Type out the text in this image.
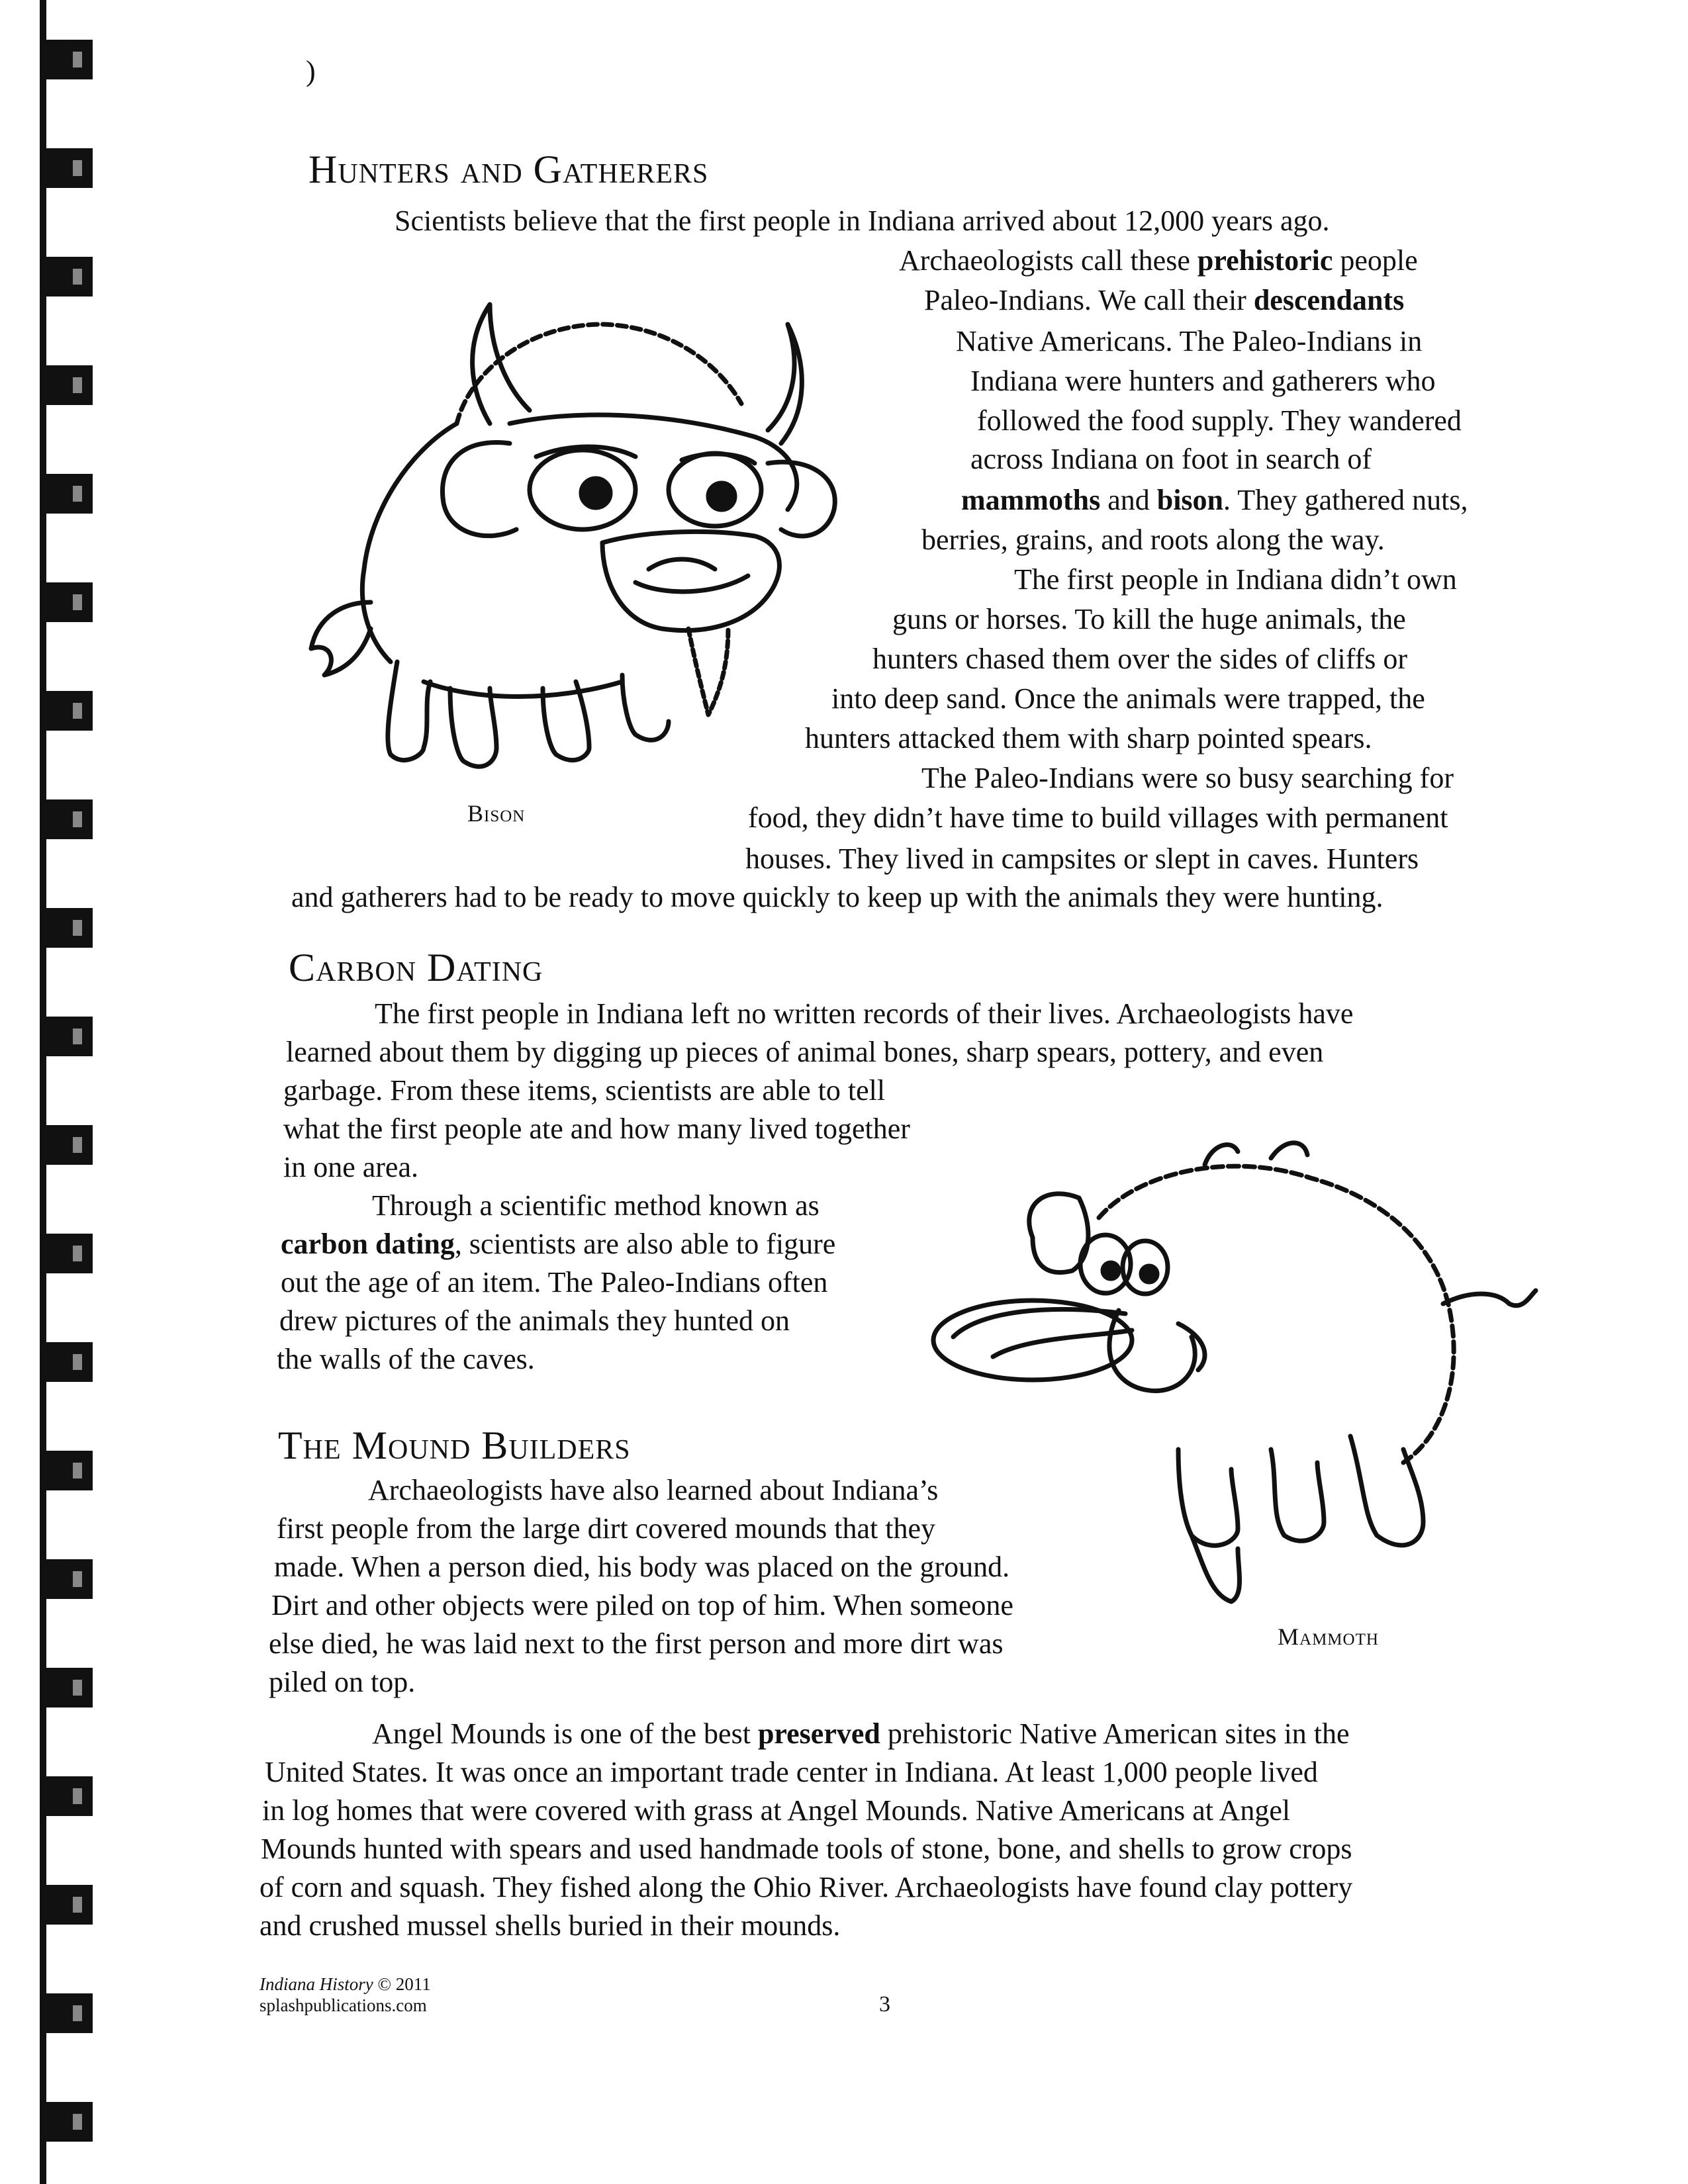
)
Hunters and Gatherers
Carbon Dating
The Mound Builders
Scientists believe that the first people in Indiana arrived about 12,000 years ago.
Archaeologists call these prehistoric people
Paleo-Indians. We call their descendants
Native Americans. The Paleo-Indians in
Indiana were hunters and gatherers who
followed the food supply. They wandered
across Indiana on foot in search of
mammoths and bison. They gathered nuts,
berries, grains, and roots along the way.
The first people in Indiana didn’t own
guns or horses. To kill the huge animals, the
hunters chased them over the sides of cliffs or
into deep sand. Once the animals were trapped, the
hunters attacked them with sharp pointed spears.
The Paleo-Indians were so busy searching for
food, they didn’t have time to build villages with permanent
houses. They lived in campsites or slept in caves. Hunters
and gatherers had to be ready to move quickly to keep up with the animals they were hunting.
The first people in Indiana left no written records of their lives. Archaeologists have
learned about them by digging up pieces of animal bones, sharp spears, pottery, and even
garbage. From these items, scientists are able to tell
what the first people ate and how many lived together
in one area.
Through a scientific method known as
carbon dating, scientists are also able to figure
out the age of an item. The Paleo-Indians often
drew pictures of the animals they hunted on
the walls of the caves.
Archaeologists have also learned about Indiana’s
first people from the large dirt covered mounds that they
made. When a person died, his body was placed on the ground.
Dirt and other objects were piled on top of him. When someone
else died, he was laid next to the first person and more dirt was
piled on top.
Angel Mounds is one of the best preserved prehistoric Native American sites in the
United States. It was once an important trade center in Indiana. At least 1,000 people lived
in log homes that were covered with grass at Angel Mounds. Native Americans at Angel
Mounds hunted with spears and used handmade tools of stone, bone, and shells to grow crops
of corn and squash. They fished along the Ohio River. Archaeologists have found clay pottery
and crushed mussel shells buried in their mounds.
Bison
Mammoth
Indiana History © 2011
splashpublications.com	3
